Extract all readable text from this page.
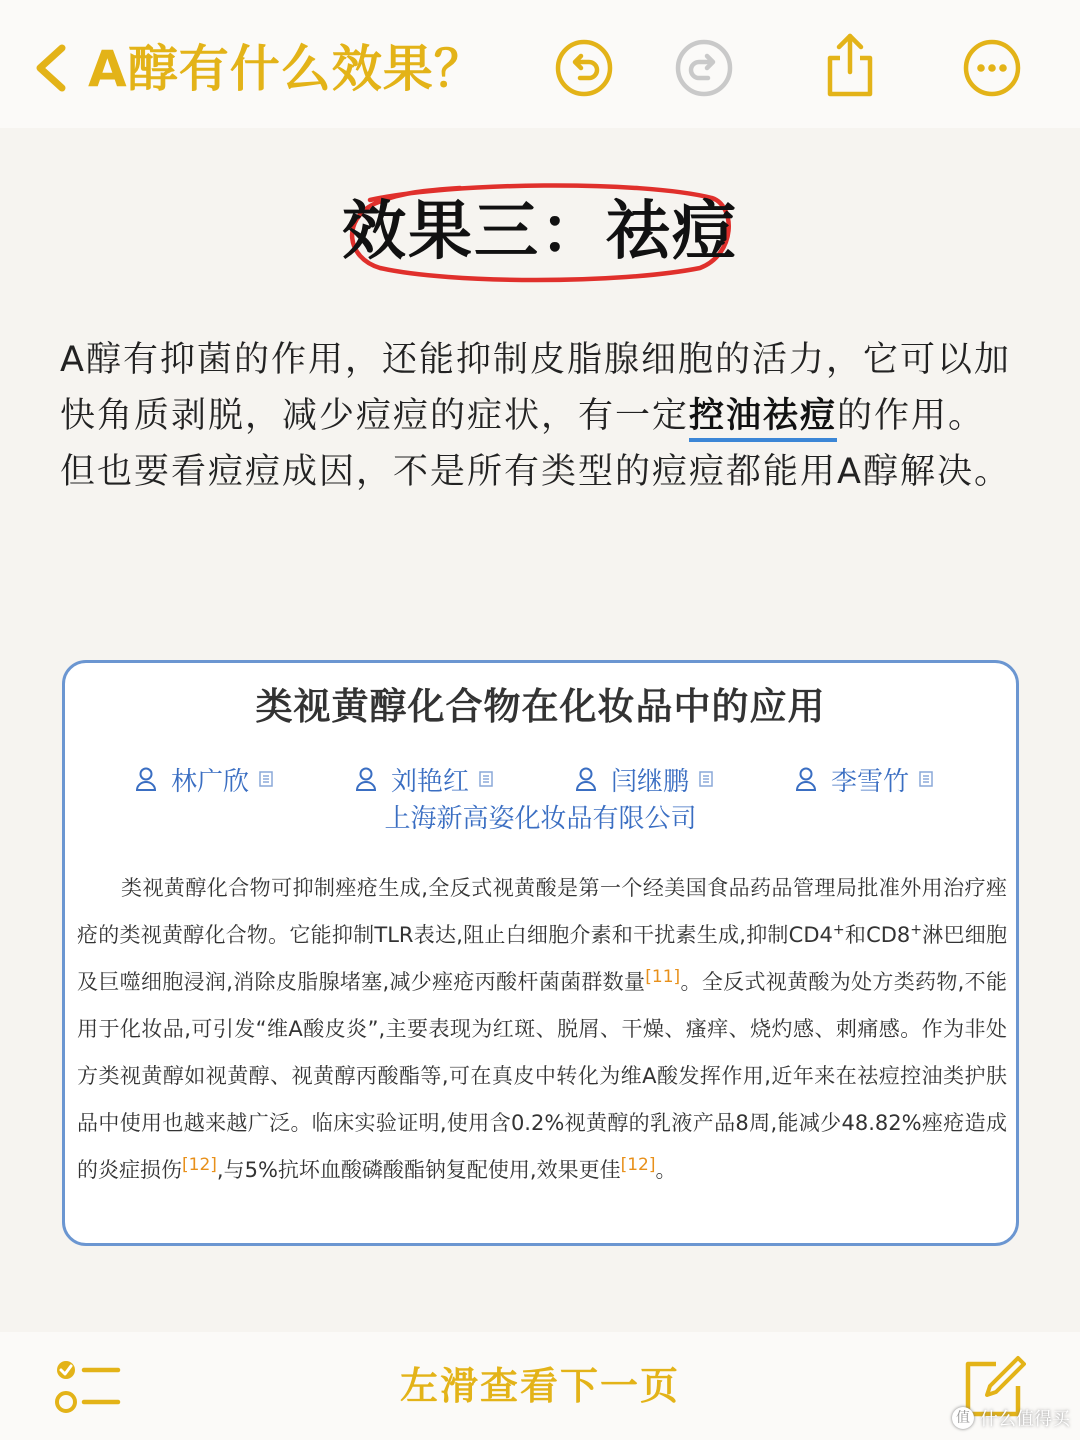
A醇有什么效果？
效果三：祛痘

A醇有抑菌的作用，还能抑制皮脂腺细胞的活力，它可以加快角质剥脱，减少痘痘的症状，有一定控油祛痘的作用。

但也要看痘痘成因，不是所有类型的痘痘都能用A醇解决。

类视黄醇化合物在化妆品中的应用
林广欣	刘艳红	闫继鹏	李雪竹
上海新高姿化妆品有限公司
类视黄醇化合物可抑制痤疮生成,全反式视黄酸是第一个经美国食品药品管理局批准外用治疗痤疮的类视黄醇化合物。它能抑制TLR表达,阻止白细胞介素和干扰素生成,抑制CD4+和CD8+淋巴细胞及巨噬细胞浸润,消除皮脂腺堵塞,减少痤疮丙酸杆菌菌群数量[11]。全反式视黄酸为处方类药物,不能用于化妆品,可引发“维A酸皮炎”,主要表现为红斑、脱屑、干燥、瘙痒、烧灼感、刺痛感。作为非处方类视黄醇如视黄醇、视黄醇丙酸酯等,可在真皮中转化为维A酸发挥作用,近年来在祛痘控油类护肤品中使用也越来越广泛。临床实验证明,使用含0.2%视黄醇的乳液产品8周,能减少48.82%痤疮造成的炎症损伤[12],与5%抗坏血酸磷酸酯钠复配使用,效果更佳[12]。
左滑查看下一页
值 什么值得买
